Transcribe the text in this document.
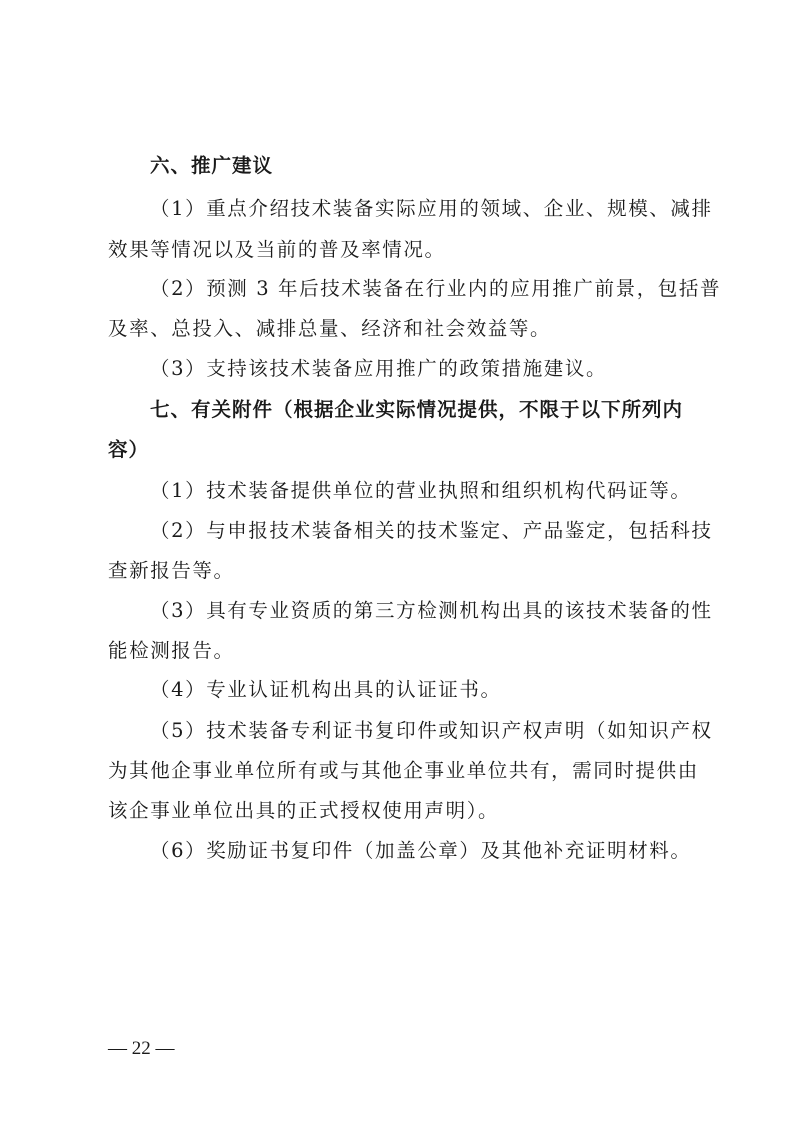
六、推广建议
（1）重点介绍技术装备实际应用的领域、企业、规模、减排
效果等情况以及当前的普及率情况。
（2）预测 3 年后技术装备在行业内的应用推广前景，包括普
及率、总投入、减排总量、经济和社会效益等。
（3）支持该技术装备应用推广的政策措施建议。
七、有关附件（根据企业实际情况提供，不限于以下所列内
容）
（1）技术装备提供单位的营业执照和组织机构代码证等。
（2）与申报技术装备相关的技术鉴定、产品鉴定，包括科技
查新报告等。
（3）具有专业资质的第三方检测机构出具的该技术装备的性
能检测报告。
（4）专业认证机构出具的认证证书。
（5）技术装备专利证书复印件或知识产权声明（如知识产权
为其他企事业单位所有或与其他企事业单位共有，需同时提供由
该企事业单位出具的正式授权使用声明）。
（6）奖励证书复印件（加盖公章）及其他补充证明材料。
— 22 —
